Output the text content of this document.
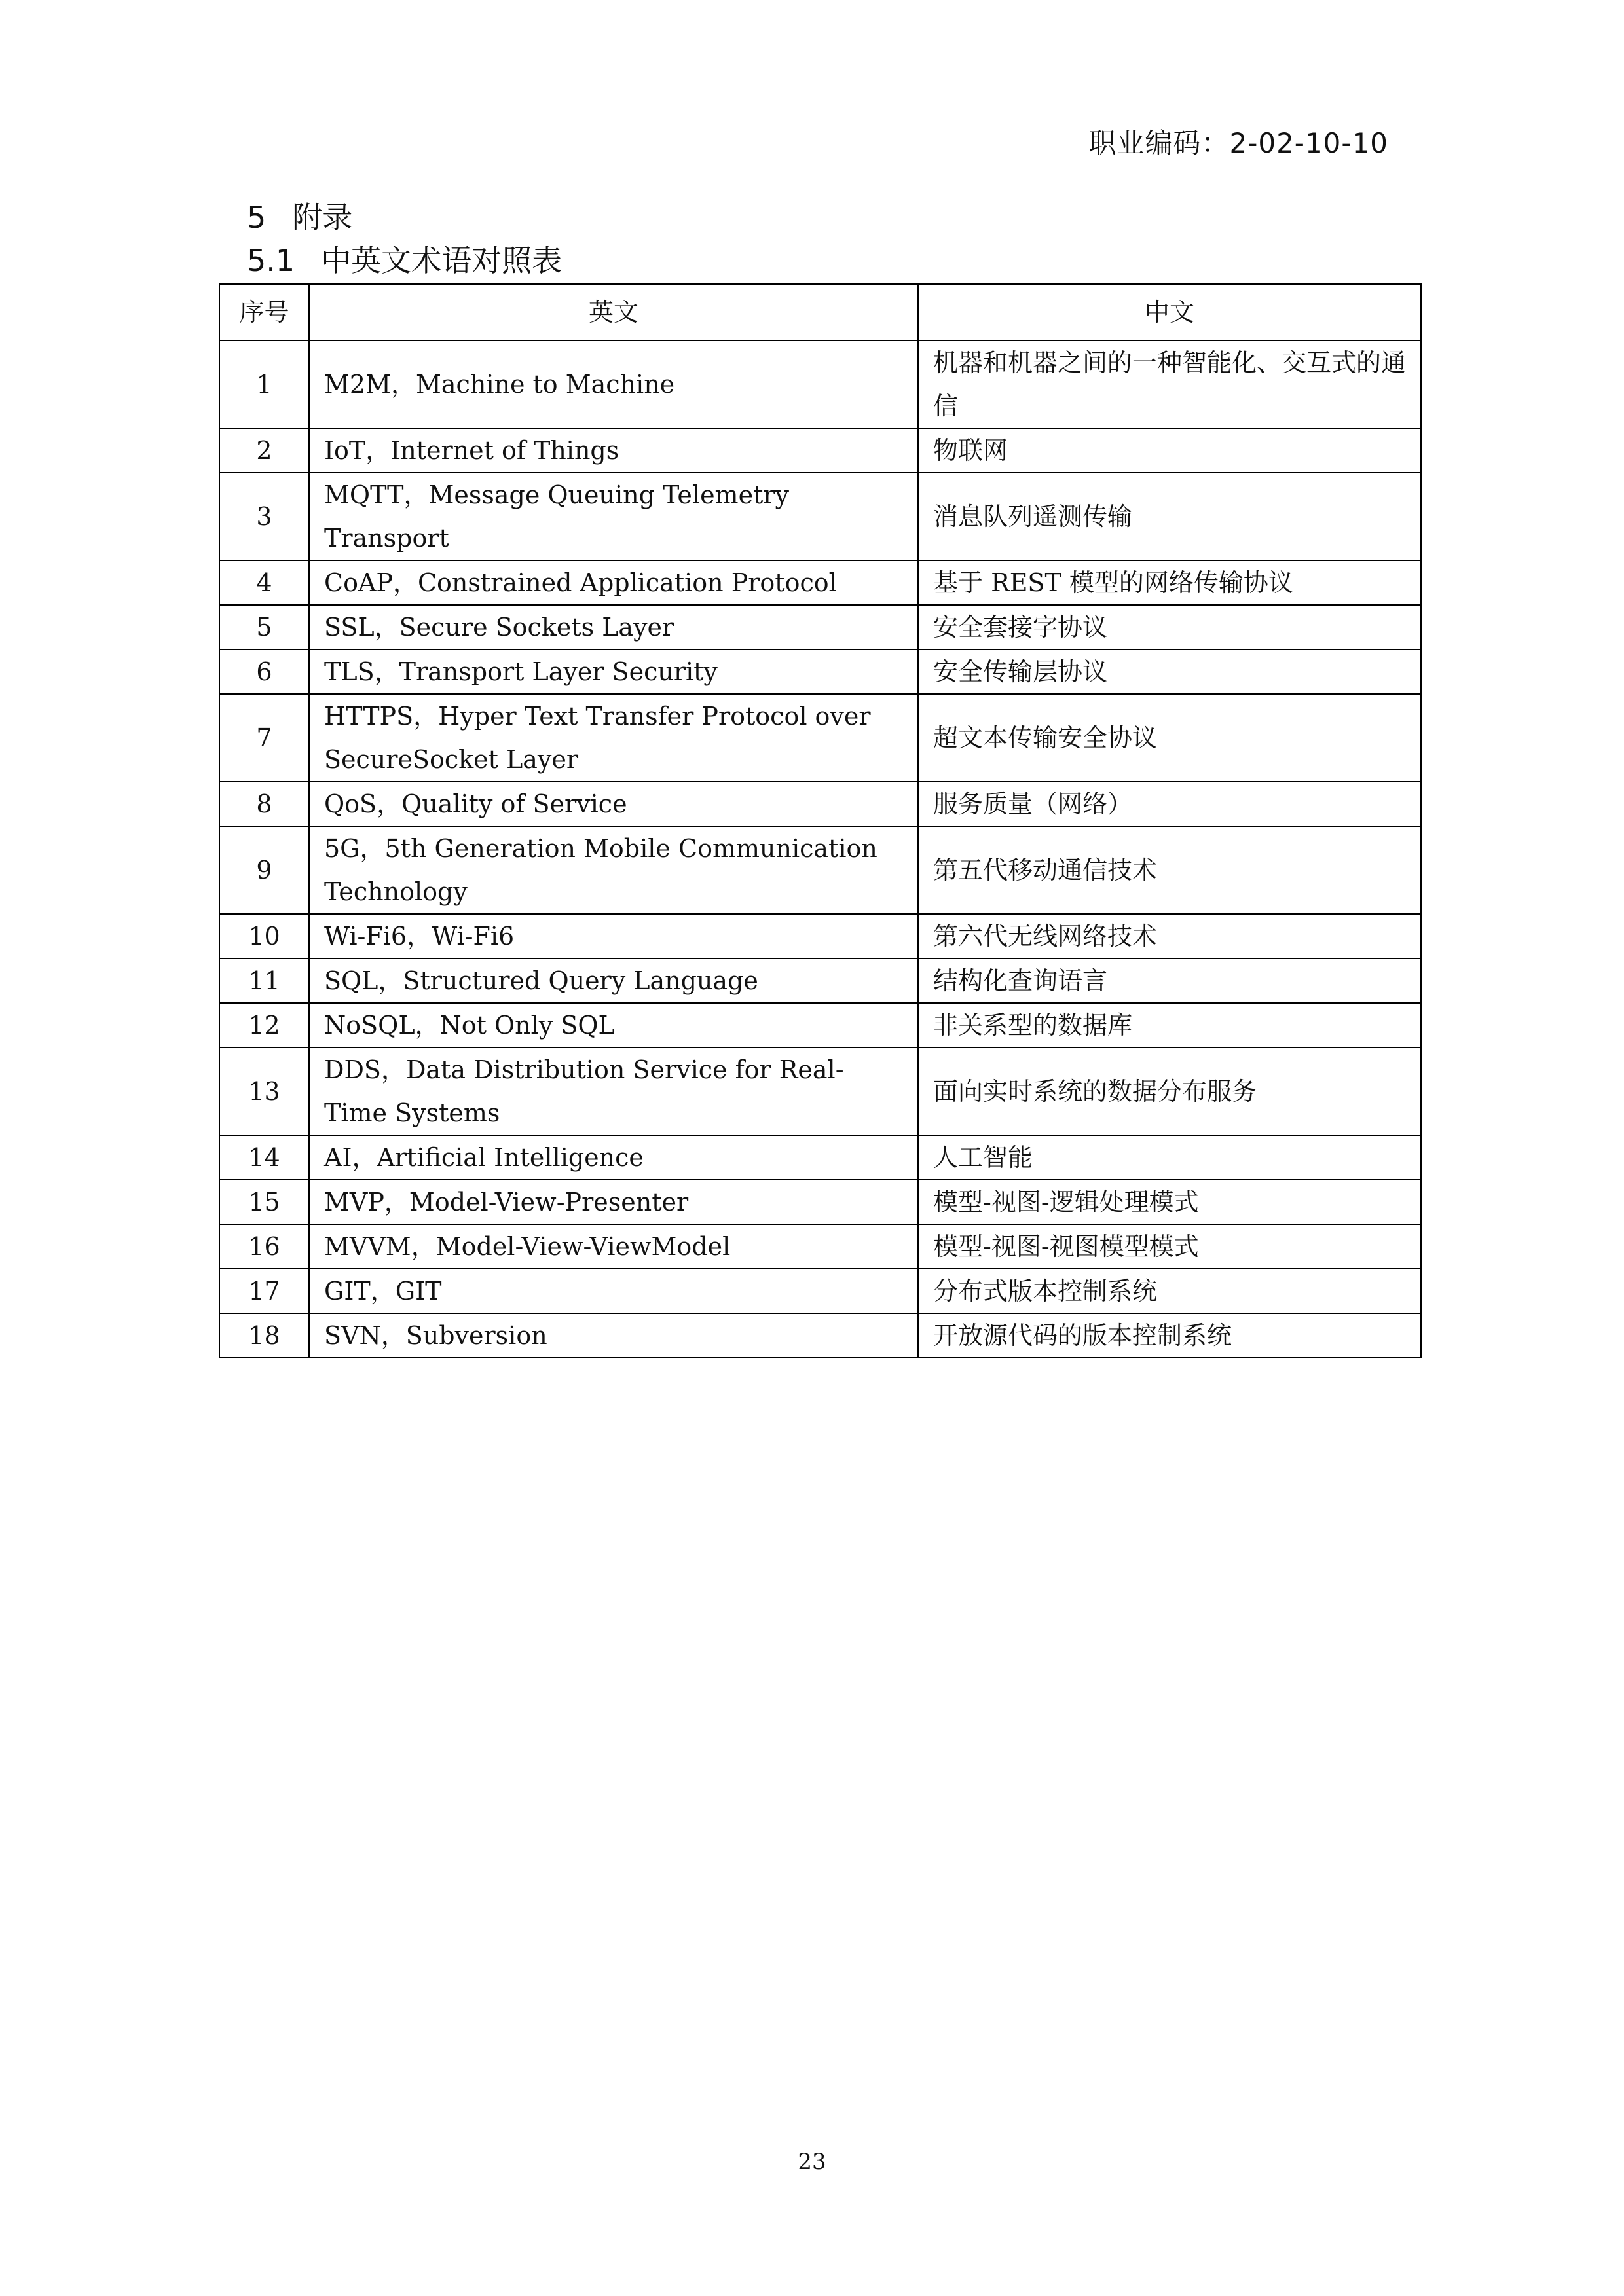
职业编码：2-02-10-10
5 附录
5.1 中英文术语对照表
序号	英文	中文
1	M2M，Machine to Machine	机器和机器之间的一种智能化、交互式的通信
2	IoT，Internet of Things	物联网
3	MQTT，Message Queuing Telemetry Transport	消息队列遥测传输
4	CoAP，Constrained Application Protocol	基于 REST 模型的网络传输协议
5	SSL，Secure Sockets Layer	安全套接字协议
6	TLS，Transport Layer Security	安全传输层协议
7	HTTPS，Hyper Text Transfer Protocol over SecureSocket Layer	超文本传输安全协议
8	QoS，Quality of Service	服务质量（网络）
9	5G，5th Generation Mobile Communication Technology	第五代移动通信技术
10	Wi-Fi6，Wi-Fi6	第六代无线网络技术
11	SQL，Structured Query Language	结构化查询语言
12	NoSQL，Not Only SQL	非关系型的数据库
13	DDS，Data Distribution Service for Real-Time Systems	面向实时系统的数据分布服务
14	AI，Artificial Intelligence	人工智能
15	MVP，Model-View-Presenter	模型-视图-逻辑处理模式
16	MVVM，Model-View-ViewModel	模型-视图-视图模型模式
17	GIT，GIT	分布式版本控制系统
18	SVN，Subversion	开放源代码的版本控制系统
23
